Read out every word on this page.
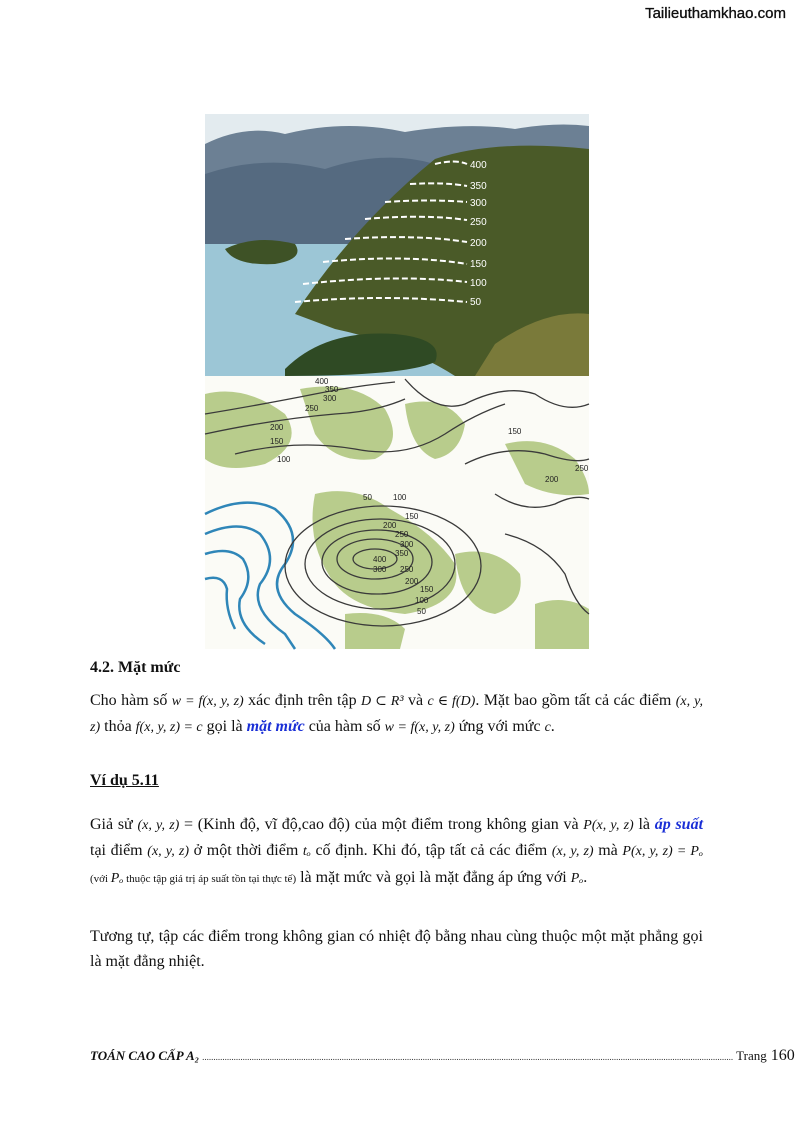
Tailieuthamkhao.com
400
350
300
250
200
150
100
50
400
350
300
250
200
150
100
150
200
250
50	100
150
200
250
300
350
400
300 250
200
150
100
50
4.2. Mặt mức
Cho hàm số w = f(x, y, z) xác định trên tập D ⊂ R³ và c ∈ f(D). Mặt bao gồm tất cả các điểm (x, y, z) thỏa f(x, y, z) = c gọi là mặt mức của hàm số w = f(x, y, z) ứng với mức c.
Ví dụ 5.11
Giả sử (x, y, z) = (Kinh độ, vĩ độ,cao độ) của một điểm trong không gian và P(x, y, z) là áp suất tại điểm (x, y, z) ở một thời điểm tₒ cố định. Khi đó, tập tất cả các điểm (x, y, z) mà P(x, y, z) = Pₒ (với Pₒ thuộc tập giá trị áp suất tồn tại thực tế) là mặt mức và gọi là mặt đẳng áp ứng với Pₒ.
Tương tự, tập các điểm trong không gian có nhiệt độ bằng nhau cùng thuộc một mặt phẳng gọi là mặt đẳng nhiệt.
TOÁN CAO CẤP A₂ ............................................................................................................................................................................................................................................ Trang 160
